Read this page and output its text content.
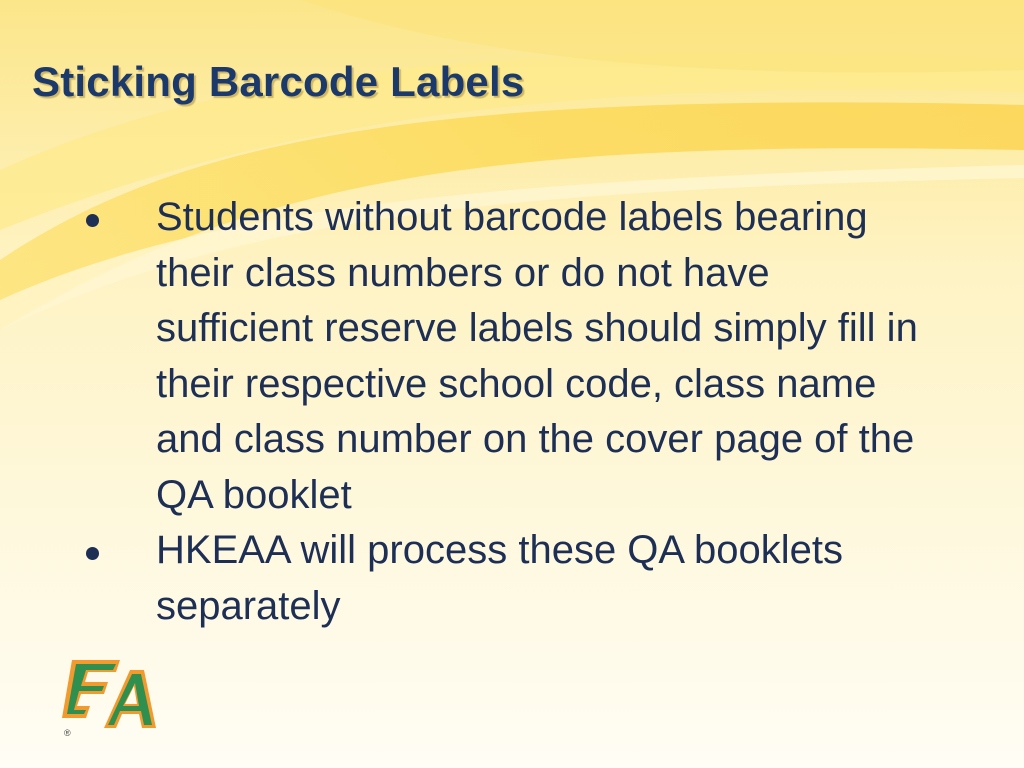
Sticking Barcode Labels
Students without barcode labels bearing their class numbers or do not have sufficient reserve labels should simply fill in their respective school code, class name and class number on the cover page of the QA booklet
HKEAA will process these QA booklets separately
®
